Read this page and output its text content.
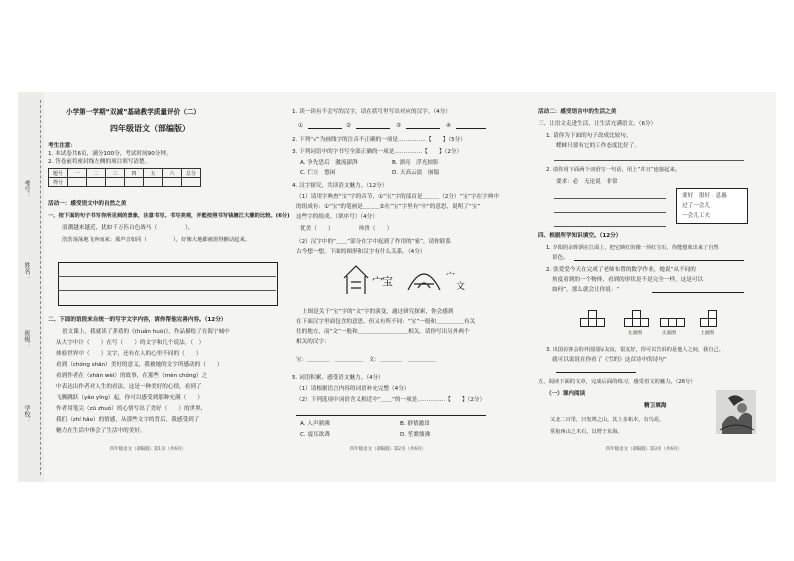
考号：
姓名：
班级：
学校：
小学第一学期“双减”基础教学质量评价（二）
四年级语文（部编版）
考生注意：
1. 本试卷共6页，满分100分，考试时间90分钟。
2. 答卷前将密封线左侧的项目填写清楚。
题号	一	二	三	四	五	六	总分
得分							
活动一：感受语文中的自然之美
一、按下面的句子书写你所见到的景象，注意书写。书写美观，并能按照书写钱塘江大潮的比较。(6分)
浪潮越来越近，犹如千万匹白色战马（　　　　　），
浩浩荡荡地飞奔而来；那声音如同（　　　　　），好像大地都被震得颤动起来。
二、下面的语段来自统一的写字文字内容，请你帮他完善内容。（12分）
语文课上，我就读了茅盾的《(huǎn huò)》，作品描绘了在海宁城中
从大字中计（　　）在写（　　）的文字和几个说法。（　）
体验世界中（　　）文字，还有在人的心里不同的（　　）
看到（chóng shān）美好的意义，我被她的文字所感动的（　　）
看到作者在（shān wèi）的故事，在那些（mèn chóng）之
中表达出作者对人生的看法，这是一种美好的心情，看到了
飞腾跳跃（yǎo yǐng）起，你可以感受到那种充满（　　）
作者用笔尖（zū zhuó）的心情写出了美好（　　）的世界，
我们（zhí hǎo）的情感，从那些文字的背后，我感受到了
魅力在生活中体会了生活中的美好。
四年级语文（部编版）第1页（共6页）
1. 读一读有不会写的汉字，请在括号里写出对应的汉字。（4分）
①	②	③	④
2. 下列“√”为画线字的注音不正确的一项是……………【　　】（5分）
3. 下列词语中的字书写全部正确的一项是……………【　　】（2分）
A. 争先恐后　激流澎湃	B. 漂亮　浮光掠影
C. 伫立　悠闲	D. 天高云淡　崩塌
4. 汉字探究，共读语文魅力。（12分）
（1）请用字典查“宝”字的音节，①“宝”字的部首是＿＿＿（2分）“宝”字在字典中
的组成有：①“宝”的笔画是＿＿＿②在“宝”字里有“中”的意思，说明了“宝”
这些字的组成。（填序号）（4分）
优美（　　）　　　　　珍贵（　　）
（2）汉字中的“＿＿”部分在字中起到了作用的“家”，请你联系
古今想一想，下面的图形和汉字有什么关系。（4分）
宀 宝	宀
文
上图是关于“宝”字的“文”字的演变，通过研究探索，你会感到
在下面汉字里面包含的意思，但又有所不同：“宝”一般和＿＿＿＿＿有关
住的地方，而“文”一般和＿＿＿＿＿＿＿＿＿相关。请你写出另外两个
相关的汉字：
宝：＿＿＿＿　＿＿＿＿＿　文：＿＿＿＿　＿＿＿＿＿
5. 词语积累，感受语文魅力。（4分）
（1）请根据语言内容的词语补充完整（4分）
（2）下列选项中词语含义相近中“＿＿”的一项是……………【　　】（2分）
A. 人声鼎沸	B. 群情激昂
C. 震耳欲聋	D. 笙歌鼎沸
四年级语文（部编版）第2页（共6页）
活动二：感受语言中的生活之美
三、让语文走进生活，让生活充满语文。（6分）
1. 请你为下面的句子改成比较句。
蟋蟀只要有它的工作态度比好了。
2. 请你用下面两个词语写一句话，用上“并且”连接起来。
要求：必　无论说　非常
要好　很好　息惠
过了一会儿
一会儿工夫
四、根据所学知识填空。（12分）
1. 夕阳的余晖洒在江面上，把它映红的像一块红宝石，你能想象出来了自然
景色。
2. 张爱爱今天在完成了老师布置的数学作业，她说“从不同的
角度看到的一个物体，看到的形状是不是完全一样，这是可以
如何”，那么就会让你说：“
左面图	正面图	上面图
3. 出国访客会的外国国际友谊，很友好，你可以告诉的是他人之间，我自己。
就可以说说在你看了《雪的》这首诗中的诗句“
五、阅读下面的文章，完成后面的练习，感受语文的魅力。（26分）
（一）课内阅读
精卫填海
又北二百里，曰发鸠之山，其上多柘木，有鸟焉，
常衔西山之木石，以堙于东海。
四年级语文（部编版）第3页（共6页）
